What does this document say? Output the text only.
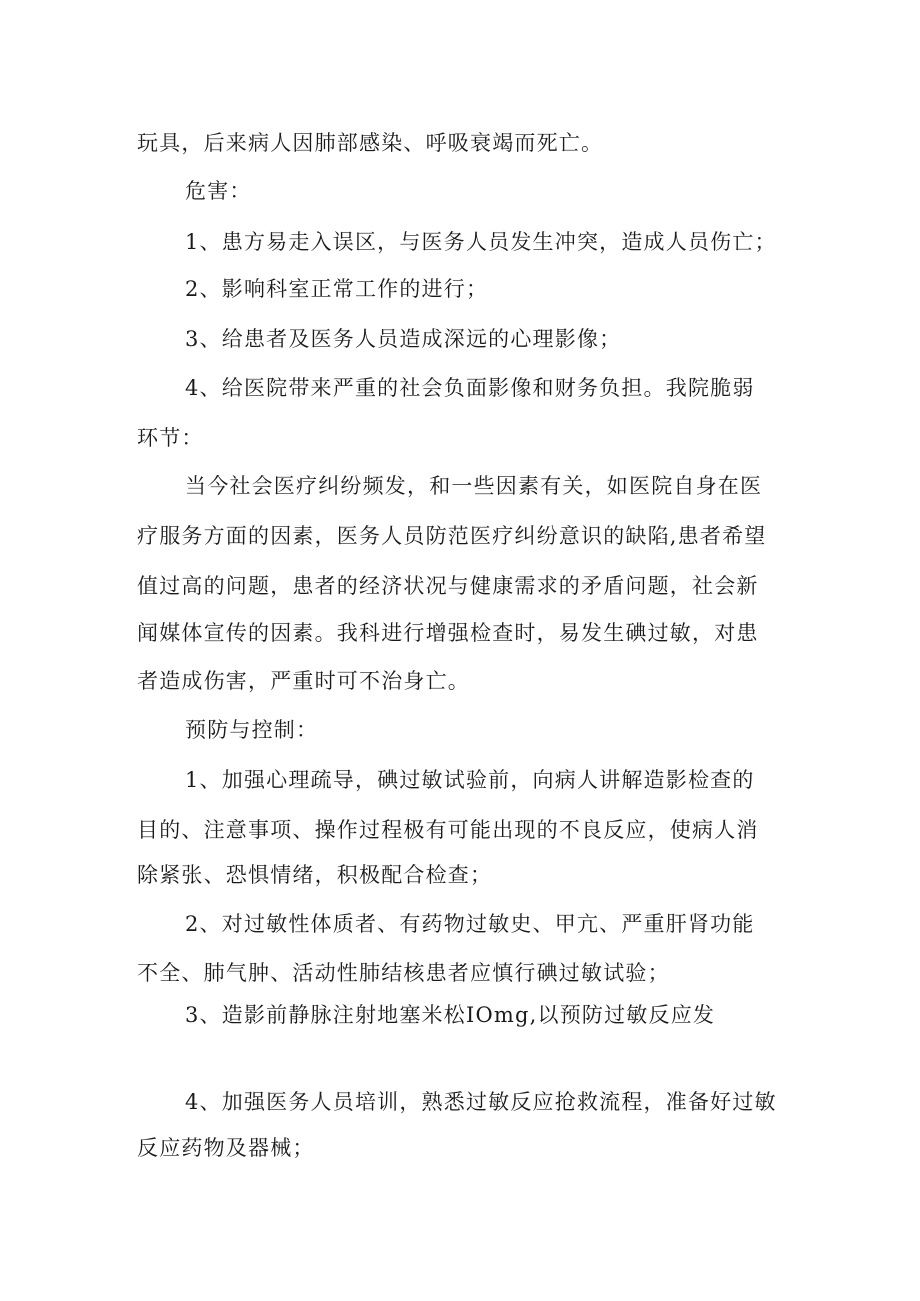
玩具，后来病人因肺部感染、呼吸衰竭而死亡。
危害：
1、患方易走入误区，与医务人员发生冲突，造成人员伤亡；
2、影响科室正常工作的进行；
3、给患者及医务人员造成深远的心理影像；
4、给医院带来严重的社会负面影像和财务负担。我院脆弱
环节：
当今社会医疗纠纷频发，和一些因素有关，如医院自身在医
疗服务方面的因素，医务人员防范医疗纠纷意识的缺陷,患者希望
值过高的问题，患者的经济状况与健康需求的矛盾问题，社会新
闻媒体宣传的因素。我科进行增强检查时，易发生碘过敏，对患
者造成伤害，严重时可不治身亡。
预防与控制：
1、加强心理疏导，碘过敏试验前，向病人讲解造影检查的
目的、注意事项、操作过程极有可能出现的不良反应，使病人消
除紧张、恐惧情绪，积极配合检查；
2、对过敏性体质者、有药物过敏史、甲亢、严重肝肾功能
不全、肺气肿、活动性肺结核患者应慎行碘过敏试验；
3、造影前静脉注射地塞米松IOmg,以预防过敏反应发
4、加强医务人员培训，熟悉过敏反应抢救流程，准备好过敏
反应药物及器械；
